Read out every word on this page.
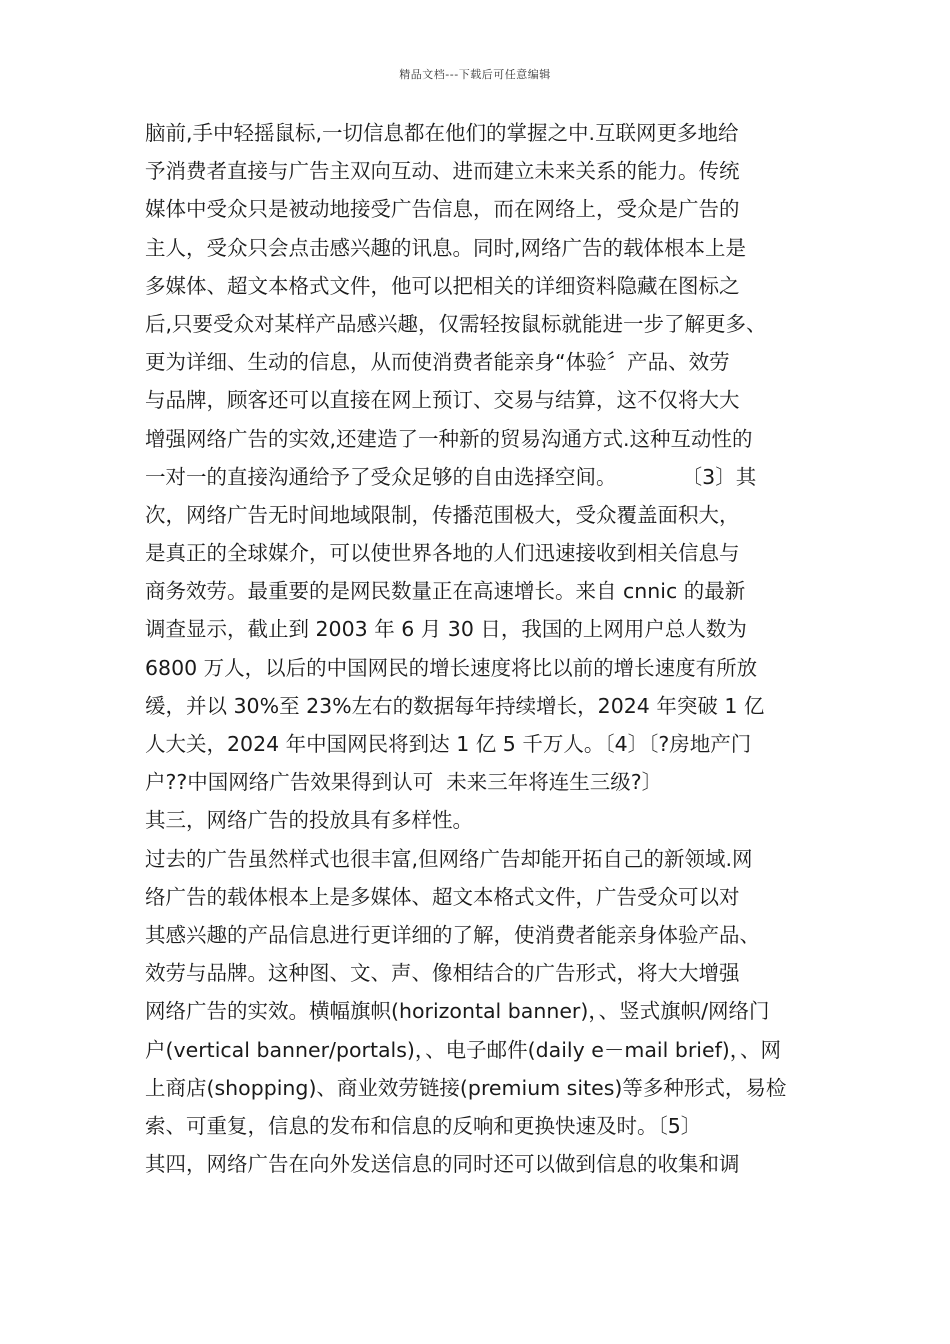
精品文档---下载后可任意编辑
脑前,手中轻摇鼠标,一切信息都在他们的掌握之中.互联网更多地给
予消费者直接与广告主双向互动、进而建立未来关系的能力。传统
媒体中受众只是被动地接受广告信息，而在网络上，受众是广告的
主人，受众只会点击感兴趣的讯息。同时,网络广告的载体根本上是
多媒体、超文本格式文件，他可以把相关的详细资料隐藏在图标之
后,只要受众对某样产品感兴趣，仅需轻按鼠标就能进一步了解更多、
更为详细、生动的信息，从而使消费者能亲身“体验〞产品、效劳
与品牌，顾客还可以直接在网上预订、交易与结算，这不仅将大大
增强网络广告的实效,还建造了一种新的贸易沟通方式.这种互动性的
一对一的直接沟通给予了受众足够的自由选择空间。          〔3〕其
次，网络广告无时间地域限制，传播范围极大，受众覆盖面积大，
是真正的全球媒介，可以使世界各地的人们迅速接收到相关信息与
商务效劳。最重要的是网民数量正在高速增长。来自 cnnic 的最新
调查显示，截止到 2003 年 6 月 30 日，我国的上网用户总人数为
6800 万人，以后的中国网民的增长速度将比以前的增长速度有所放
缓，并以 30%至 23%左右的数据每年持续增长，2024 年突破 1 亿
人大关，2024 年中国网民将到达 1 亿 5 千万人。〔4〕〔?房地产门
户??中国网络广告效果得到认可  未来三年将连生三级?〕
其三，网络广告的投放具有多样性。
过去的广告虽然样式也很丰富,但网络广告却能开拓自己的新领域.网
络广告的载体根本上是多媒体、超文本格式文件，广告受众可以对
其感兴趣的产品信息进行更详细的了解，使消费者能亲身体验产品、
效劳与品牌。这种图、文、声、像相结合的广告形式，将大大增强
网络广告的实效。横幅旗帜(horizontal banner)，、竖式旗帜/网络门
户(vertical banner/portals)，、电子邮件(daily e－mail brief)，、网
上商店(shopping)、商业效劳链接(premium sites)等多种形式，易检
索、可重复，信息的发布和信息的反响和更换快速及时。〔5〕
其四，网络广告在向外发送信息的同时还可以做到信息的收集和调
